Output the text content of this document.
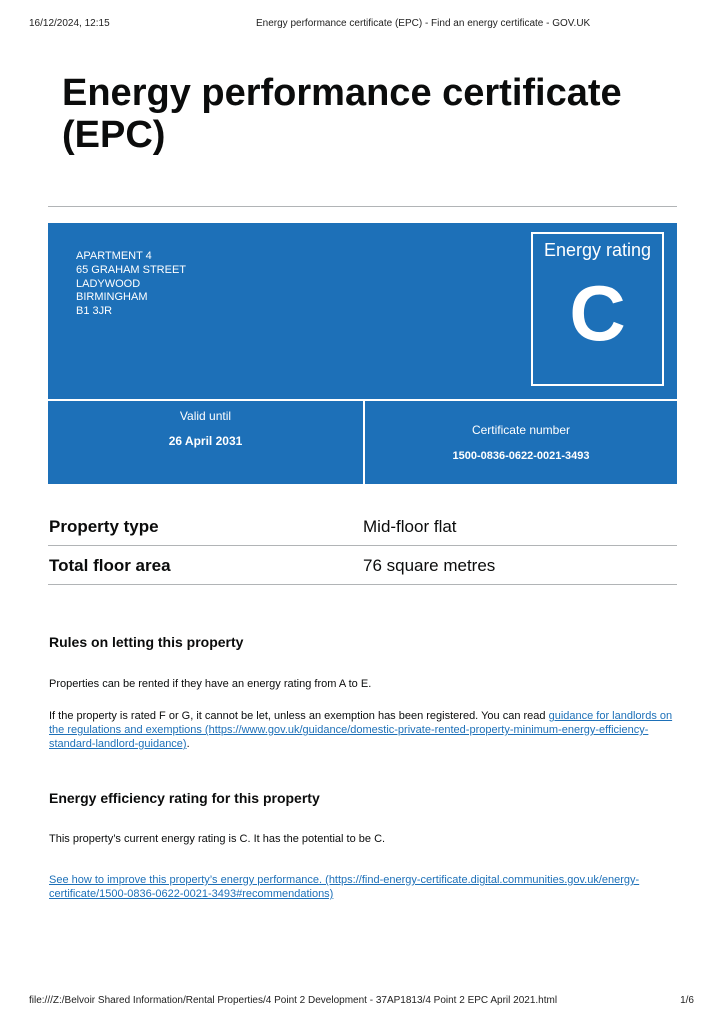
16/12/2024, 12:15	Energy performance certificate (EPC) - Find an energy certificate - GOV.UK
Energy performance certificate (EPC)
APARTMENT 4
65 GRAHAM STREET
LADYWOOD
BIRMINGHAM
B1 3JR
Energy rating
C
Valid until
26 April 2031
Certificate number
1500-0836-0622-0021-3493
Property type	Mid-floor flat
Total floor area	76 square metres
Rules on letting this property
Properties can be rented if they have an energy rating from A to E.
If the property is rated F or G, it cannot be let, unless an exemption has been registered. You can read guidance for landlords on the regulations and exemptions (https://www.gov.uk/guidance/domestic-private-rented-property-minimum-energy-efficiency-standard-landlord-guidance).
Energy efficiency rating for this property
This property’s current energy rating is C. It has the potential to be C.
See how to improve this property’s energy performance. (https://find-energy-certificate.digital.communities.gov.uk/energy-certificate/1500-0836-0622-0021-3493#recommendations)
file:///Z:/Belvoir Shared Information/Rental Properties/4 Point 2 Development - 37AP1813/4 Point 2 EPC April 2021.html	1/6
